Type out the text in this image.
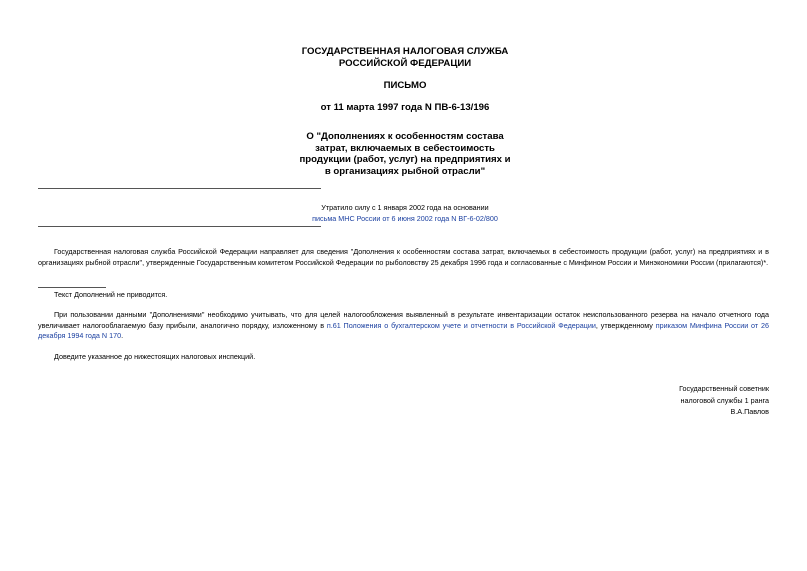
ГОСУДАРСТВЕННАЯ НАЛОГОВАЯ СЛУЖБА
РОССИЙСКОЙ ФЕДЕРАЦИИ
ПИСЬМО
от 11 марта 1997 года N ПВ-6-13/196
О "Дополнениях к особенностям состава
затрат, включаемых в себестоимость
продукции (работ, услуг) на предприятиях и
в организациях рыбной отрасли"
Утратило силу с 1 января 2002 года на основании
письма МНС России от 6 июня 2002 года N ВГ-6-02/800
Государственная налоговая служба Российской Федерации направляет для сведения "Дополнения к особенностям состава затрат, включаемых в себестоимость продукции (работ, услуг) на предприятиях и в организациях рыбной отрасли", утвержденные Государственным комитетом Российской Федерации по рыболовству 25 декабря 1996 года и согласованные с Минфином России и Минэкономики России (прилагаются)*.
Текст Дополнений не приводится.
При пользовании данными "Дополнениями" необходимо учитывать, что для целей налогообложения выявленный в результате инвентаризации остаток неиспользованного резерва на начало отчетного года увеличивает налогооблагаемую базу прибыли, аналогично порядку, изложенному в п.61 Положения о бухгалтерском учете и отчетности в Российской Федерации, утвержденному приказом Минфина России от 26 декабря 1994 года N 170.
Доведите указанное до нижестоящих налоговых инспекций.
Государственный советник
налоговой службы 1 ранга
В.А.Павлов
